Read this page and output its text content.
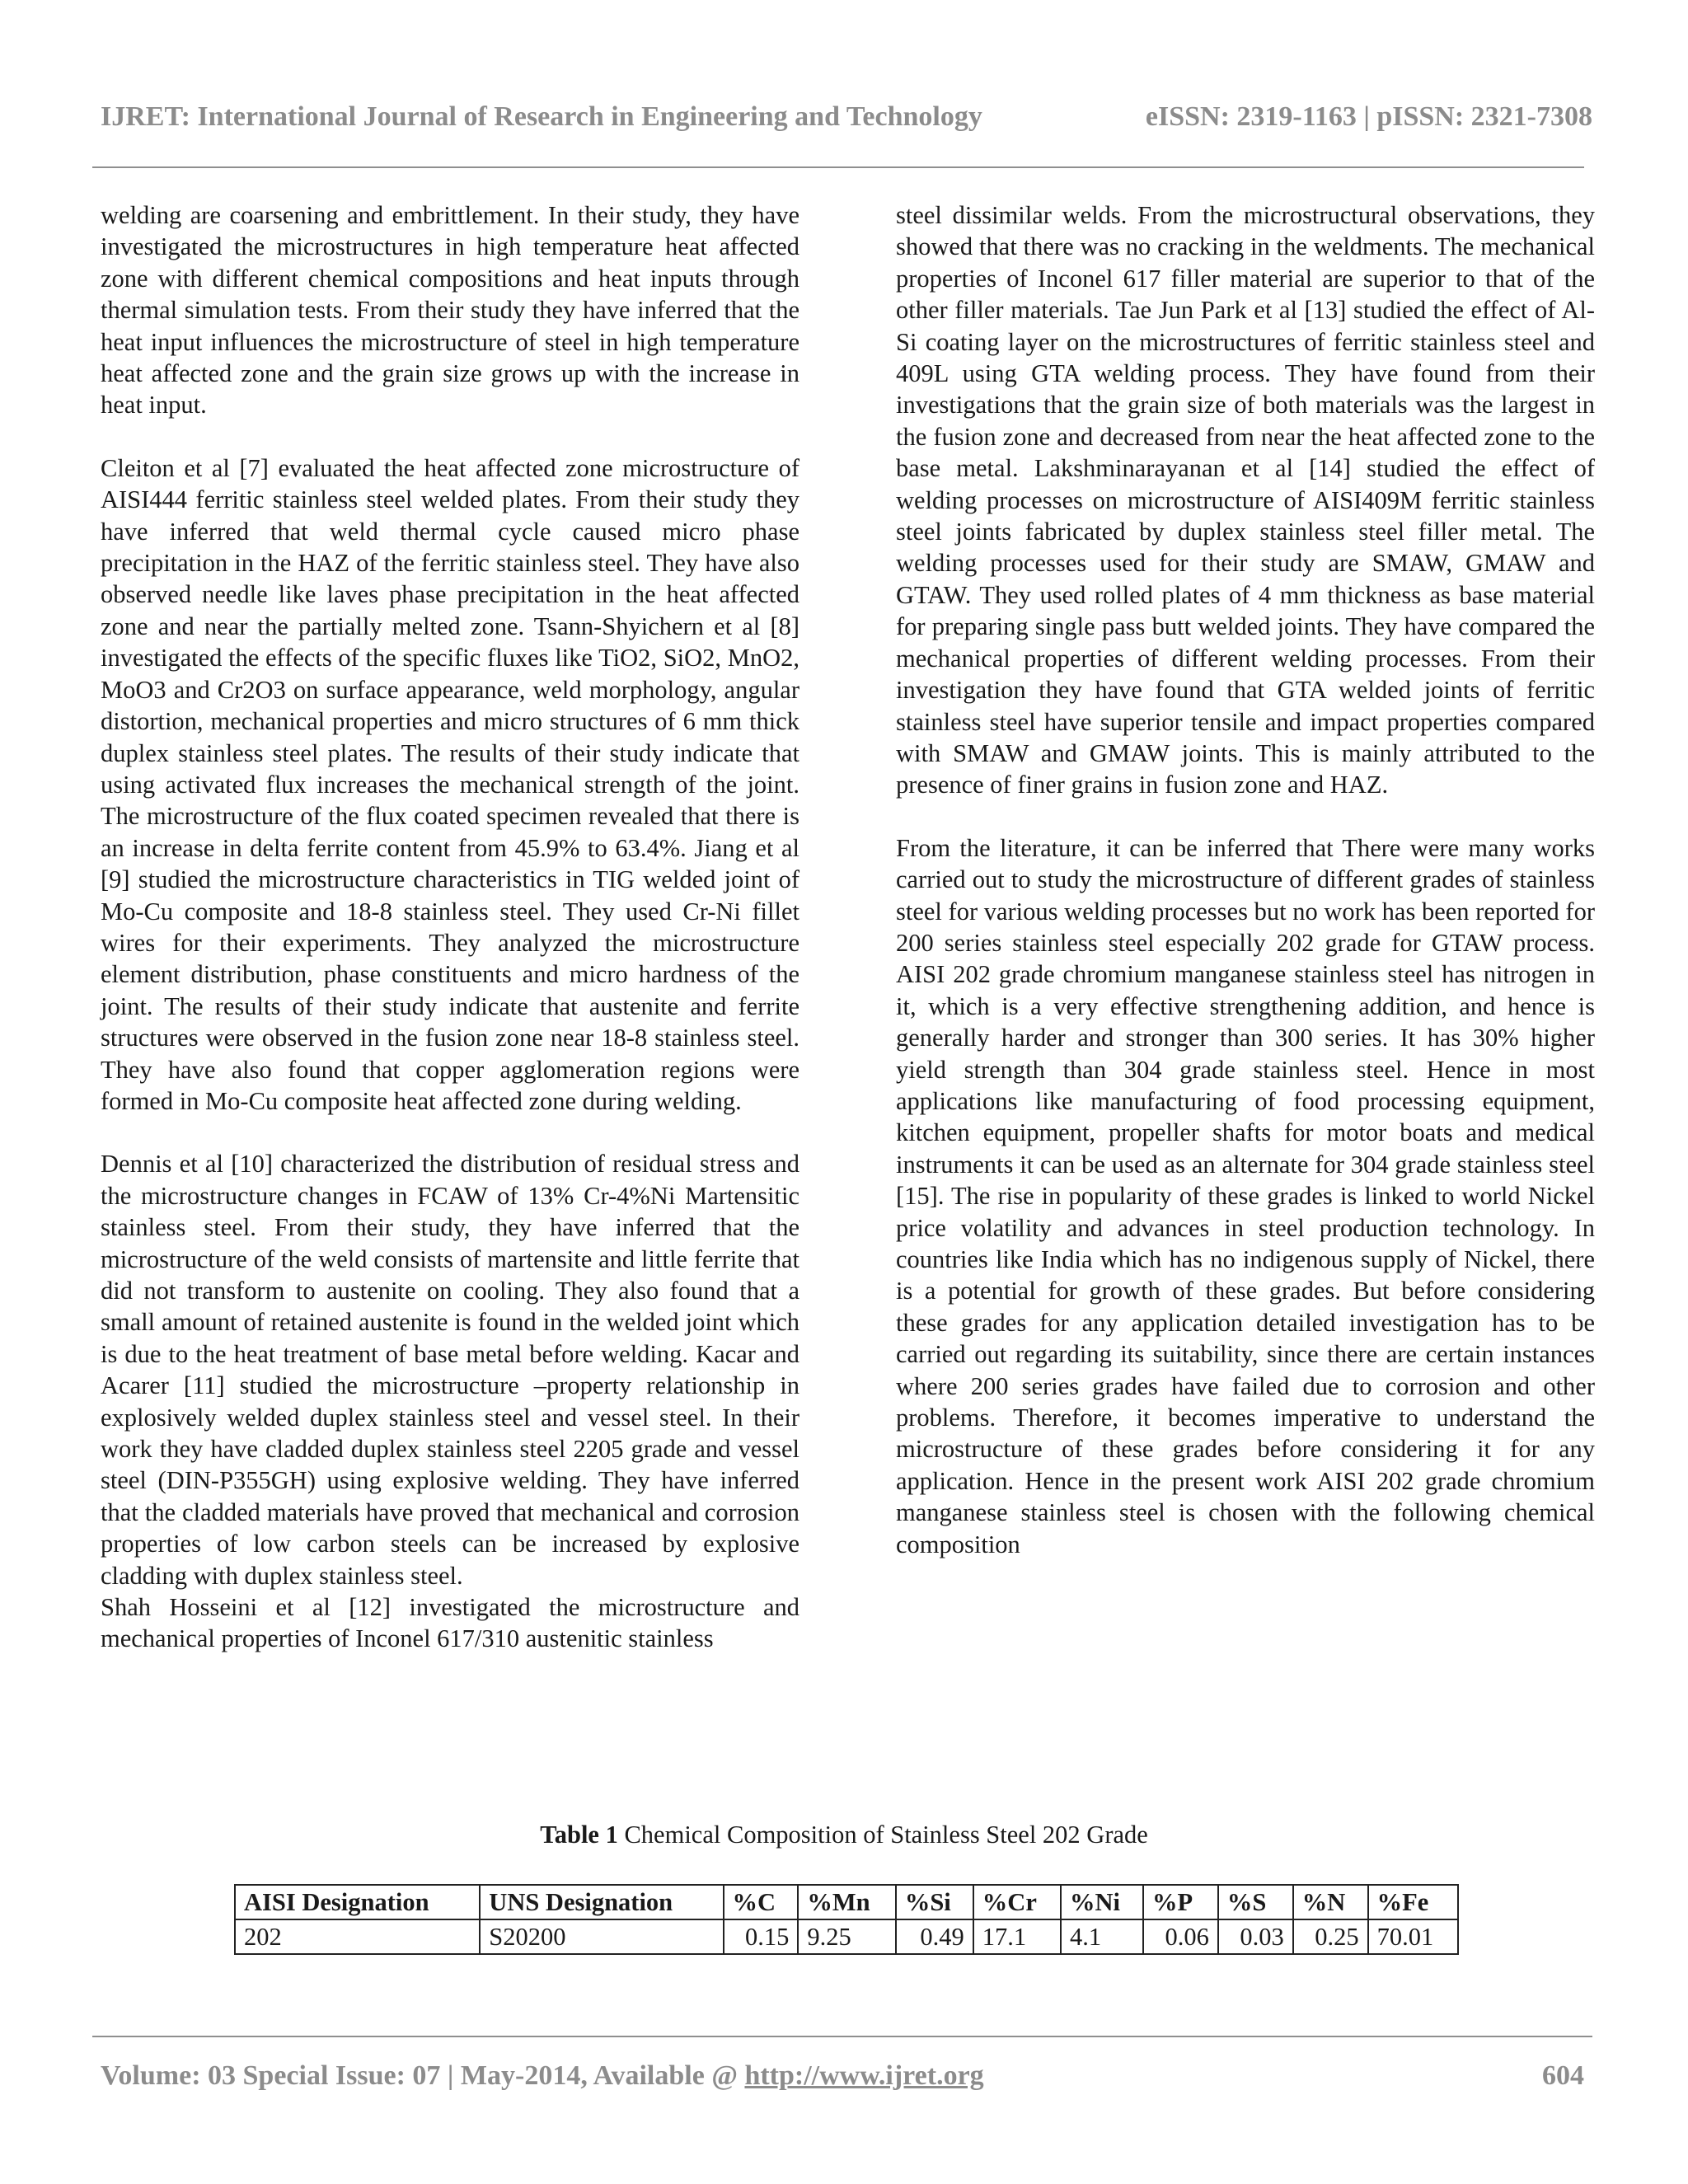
IJRET: International Journal of Research in Engineering and Technology	eISSN: 2319-1163 | pISSN: 2321-7308

welding are coarsening and embrittlement. In their study, they have investigated the microstructures in high temperature heat affected zone with different chemical compositions and heat inputs through thermal simulation tests. From their study they have inferred that the heat input influences the microstructure of steel in high temperature heat affected zone and the grain size grows up with the increase in heat input.

Cleiton et al [7] evaluated the heat affected zone microstructure of AISI444 ferritic stainless steel welded plates. From their study they have inferred that weld thermal cycle caused micro phase precipitation in the HAZ of the ferritic stainless steel. They have also observed needle like laves phase precipitation in the heat affected zone and near the partially melted zone. Tsann-Shyichern et al [8] investigated the effects of the specific fluxes like TiO2, SiO2, MnO2, MoO3 and Cr2O3 on surface appearance, weld morphology, angular distortion, mechanical properties and micro structures of 6 mm thick duplex stainless steel plates. The results of their study indicate that using activated flux increases the mechanical strength of the joint. The microstructure of the flux coated specimen revealed that there is an increase in delta ferrite content from 45.9% to 63.4%. Jiang et al [9] studied the microstructure characteristics in TIG welded joint of Mo-Cu composite and 18-8 stainless steel. They used Cr-Ni fillet wires for their experiments. They analyzed the microstructure element distribution, phase constituents and micro hardness of the joint. The results of their study indicate that austenite and ferrite structures were observed in the fusion zone near 18-8 stainless steel. They have also found that copper agglomeration regions were formed in Mo-Cu composite heat affected zone during welding.

Dennis et al [10] characterized the distribution of residual stress and the microstructure changes in FCAW of 13% Cr-4%Ni Martensitic stainless steel. From their study, they have inferred that the microstructure of the weld consists of martensite and little ferrite that did not transform to austenite on cooling. They also found that a small amount of retained austenite is found in the welded joint which is due to the heat treatment of base metal before welding. Kacar and Acarer [11] studied the microstructure –property relationship in explosively welded duplex stainless steel and vessel steel. In their work they have cladded duplex stainless steel 2205 grade and vessel steel (DIN-P355GH) using explosive welding. They have inferred that the cladded materials have proved that mechanical and corrosion properties of low carbon steels can be increased by explosive cladding with duplex stainless steel.

Shah Hosseini et al [12] investigated the microstructure and mechanical properties of Inconel 617/310 austenitic stainless

steel dissimilar welds. From the microstructural observations, they showed that there was no cracking in the weldments. The mechanical properties of Inconel 617 filler material are superior to that of the other filler materials. Tae Jun Park et al [13] studied the effect of Al-Si coating layer on the microstructures of ferritic stainless steel and 409L using GTA welding process. They have found from their investigations that the grain size of both materials was the largest in the fusion zone and decreased from near the heat affected zone to the base metal. Lakshminarayanan et al [14] studied the effect of welding processes on microstructure of AISI409M ferritic stainless steel joints fabricated by duplex stainless steel filler metal. The welding processes used for their study are SMAW, GMAW and GTAW. They used rolled plates of 4 mm thickness as base material for preparing single pass butt welded joints. They have compared the mechanical properties of different welding processes. From their investigation they have found that GTA welded joints of ferritic stainless steel have superior tensile and impact properties compared with SMAW and GMAW joints. This is mainly attributed to the presence of finer grains in fusion zone and HAZ.

From the literature, it can be inferred that There were many works carried out to study the microstructure of different grades of stainless steel for various welding processes but no work has been reported for 200 series stainless steel especially 202 grade for GTAW process. AISI 202 grade chromium manganese stainless steel has nitrogen in it, which is a very effective strengthening addition, and hence is generally harder and stronger than 300 series. It has 30% higher yield strength than 304 grade stainless steel. Hence in most applications like manufacturing of food processing equipment, kitchen equipment, propeller shafts for motor boats and medical instruments it can be used as an alternate for 304 grade stainless steel [15]. The rise in popularity of these grades is linked to world Nickel price volatility and advances in steel production technology. In countries like India which has no indigenous supply of Nickel, there is a potential for growth of these grades. But before considering these grades for any application detailed investigation has to be carried out regarding its suitability, since there are certain instances where 200 series grades have failed due to corrosion and other problems. Therefore, it becomes imperative to understand the microstructure of these grades before considering it for any application. Hence in the present work AISI 202 grade chromium manganese stainless steel is chosen with the following chemical composition

Table 1 Chemical Composition of Stainless Steel 202 Grade
AISI Designation	UNS Designation	%C	%Mn	%Si	%Cr	%Ni	%P	%S	%N	%Fe
202	S20200	0.15	9.25	0.49	17.1	4.1	0.06	0.03	0.25	70.01
Volume: 03 Special Issue: 07 | May-2014, Available @ http://www.ijret.org	604
